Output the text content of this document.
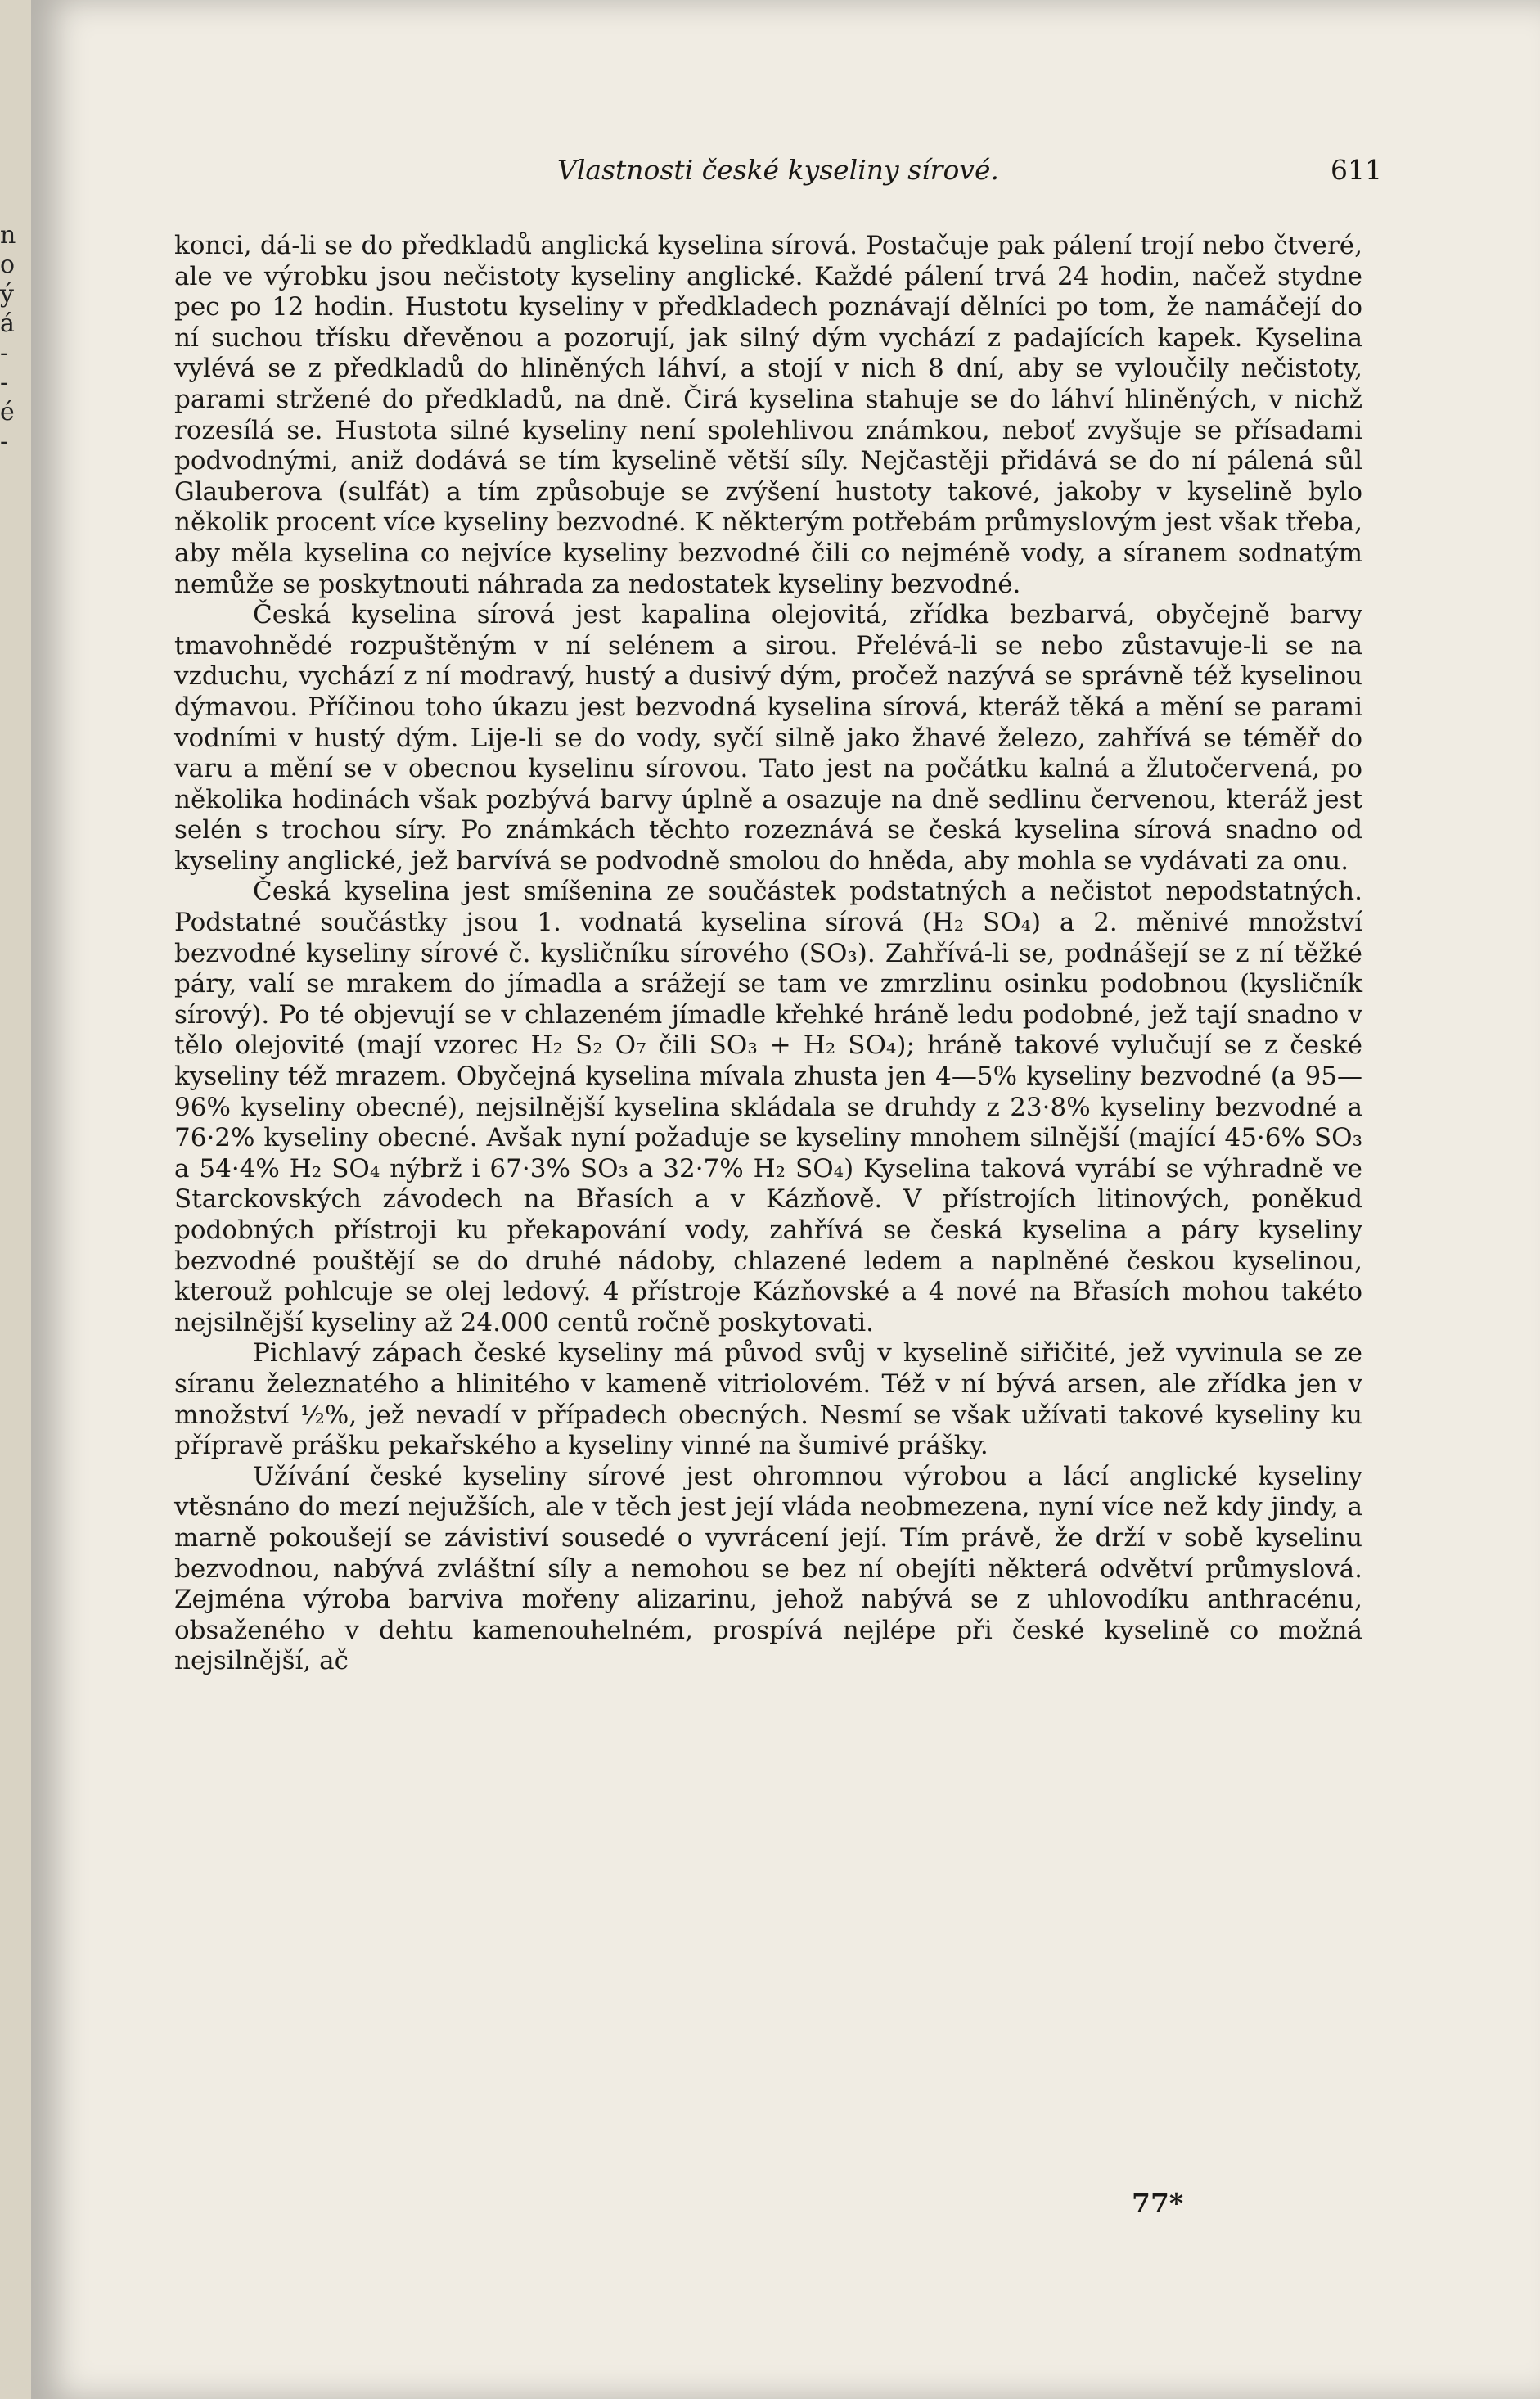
n
o
ý
á
-
-
é
-
Vlastnosti české kyseliny sírové.	611

konci, dá-li se do předkladů anglická kyselina sírová. Postačuje pak pálení trojí nebo čtveré, ale ve výrobku jsou nečistoty kyseliny anglické. Každé pálení trvá 24 hodin, načež stydne pec po 12 hodin. Hustotu kyseliny v předkladech poznávají dělníci po tom, že namáčejí do ní suchou třísku dřevěnou a pozorují, jak silný dým vychází z padajících kapek. Kyselina vylévá se z předkladů do hliněných láhví, a stojí v nich 8 dní, aby se vyloučily nečistoty, parami stržené do předkladů, na dně. Čirá kyselina stahuje se do láhví hliněných, v nichž rozesílá se. Hustota silné kyseliny není spolehlivou známkou, neboť zvyšuje se přísadami podvodnými, aniž dodává se tím kyselině větší síly. Nejčastěji přidává se do ní pálená sůl Glauberova (sulfát) a tím způsobuje se zvýšení hustoty takové, jakoby v kyselině bylo několik procent více kyseliny bezvodné. K některým potřebám průmyslovým jest však třeba, aby měla kyselina co nejvíce kyseliny bezvodné čili co nejméně vody, a síranem sodnatým nemůže se poskytnouti náhrada za nedostatek kyseliny bezvodné.

Česká kyselina sírová jest kapalina olejovitá, zřídka bezbarvá, obyčejně barvy tmavohnědé rozpuštěným v ní selénem a sirou. Přelévá-li se nebo zůstavuje-li se na vzduchu, vychází z ní modravý, hustý a dusivý dým, pročež nazývá se správně též kyselinou dýmavou. Příčinou toho úkazu jest bezvodná kyselina sírová, kteráž těká a mění se parami vodními v hustý dým. Lije-li se do vody, syčí silně jako žhavé železo, zahřívá se téměř do varu a mění se v obecnou kyselinu sírovou. Tato jest na počátku kalná a žlutočervená, po několika hodinách však pozbývá barvy úplně a osazuje na dně sedlinu červenou, kteráž jest selén s trochou síry. Po známkách těchto rozeznává se česká kyselina sírová snadno od kyseliny anglické, jež barvívá se podvodně smolou do hněda, aby mohla se vydávati za onu.

Česká kyselina jest smíšenina ze součástek podstatných a nečistot nepodstatných. Podstatné součástky jsou 1. vodnatá kyselina sírová (H₂ SO₄) a 2. měnivé množství bezvodné kyseliny sírové č. kysličníku sírového (SO₃). Zahřívá-li se, podnášejí se z ní těžké páry, valí se mrakem do jímadla a srážejí se tam ve zmrzlinu osinku podobnou (kysličník sírový). Po té objevují se v chlazeném jímadle křehké hráně ledu podobné, jež tají snadno v tělo olejovité (mají vzorec H₂ S₂ O₇ čili SO₃ + H₂ SO₄); hráně takové vylučují se z české kyseliny též mrazem. Obyčejná kyselina mívala zhusta jen 4—5% kyseliny bezvodné (a 95—96% kyseliny obecné), nejsilnější kyselina skládala se druhdy z 23·8% kyseliny bezvodné a 76·2% kyseliny obecné. Avšak nyní požaduje se kyseliny mnohem silnější (mající 45·6% SO₃ a 54·4% H₂ SO₄ nýbrž i 67·3% SO₃ a 32·7% H₂ SO₄) Kyselina taková vyrábí se výhradně ve Starckovských závodech na Břasích a v Kázňově. V přístrojích litinových, poněkud podobných přístroji ku překapování vody, zahřívá se česká kyselina a páry kyseliny bezvodné pouštějí se do druhé nádoby, chlazené ledem a naplněné českou kyselinou, kterouž pohlcuje se olej ledový. 4 přístroje Kázňovské a 4 nové na Břasích mohou takéto nejsilnější kyseliny až 24.000 centů ročně poskytovati.

Pichlavý zápach české kyseliny má původ svůj v kyselině siřičité, jež vyvinula se ze síranu železnatého a hlinitého v kameně vitriolovém. Též v ní bývá arsen, ale zřídka jen v množství ½%, jež nevadí v případech obecných. Nesmí se však užívati takové kyseliny ku přípravě prášku pekařského a kyseliny vinné na šumivé prášky.

Užívání české kyseliny sírové jest ohromnou výrobou a lácí anglické kyseliny vtěsnáno do mezí nejužších, ale v těch jest její vláda neobmezena, nyní více než kdy jindy, a marně pokoušejí se závistiví sousedé o vyvrácení její. Tím právě, že drží v sobě kyselinu bezvodnou, nabývá zvláštní síly a nemohou se bez ní obejíti některá odvětví průmyslová. Zejména výroba barviva mořeny alizarinu, jehož nabývá se z uhlovodíku anthracénu, obsaženého v dehtu kamenouhelném, prospívá nejlépe při české kyselině co možná nejsilnější, ač

77*
